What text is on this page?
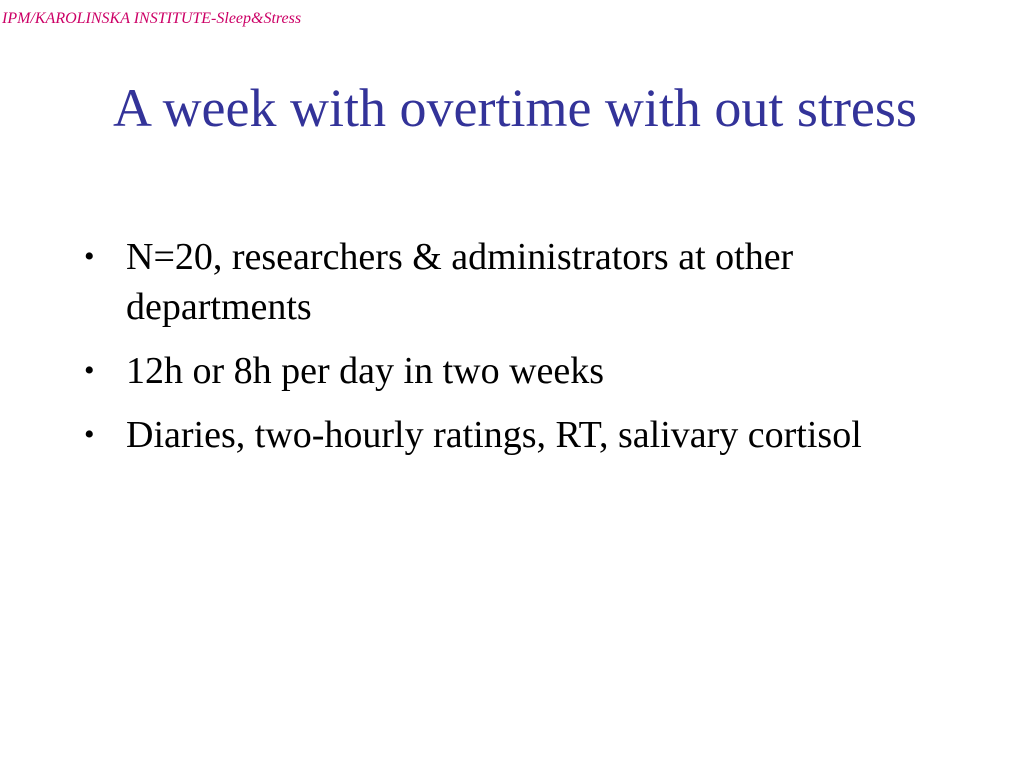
IPM/KAROLINSKA INSTITUTE-Sleep&Stress
A week with overtime with out stress
• N=20, researchers & administrators at other departments
• 12h or 8h per day in two weeks
• Diaries, two-hourly ratings, RT, salivary cortisol
